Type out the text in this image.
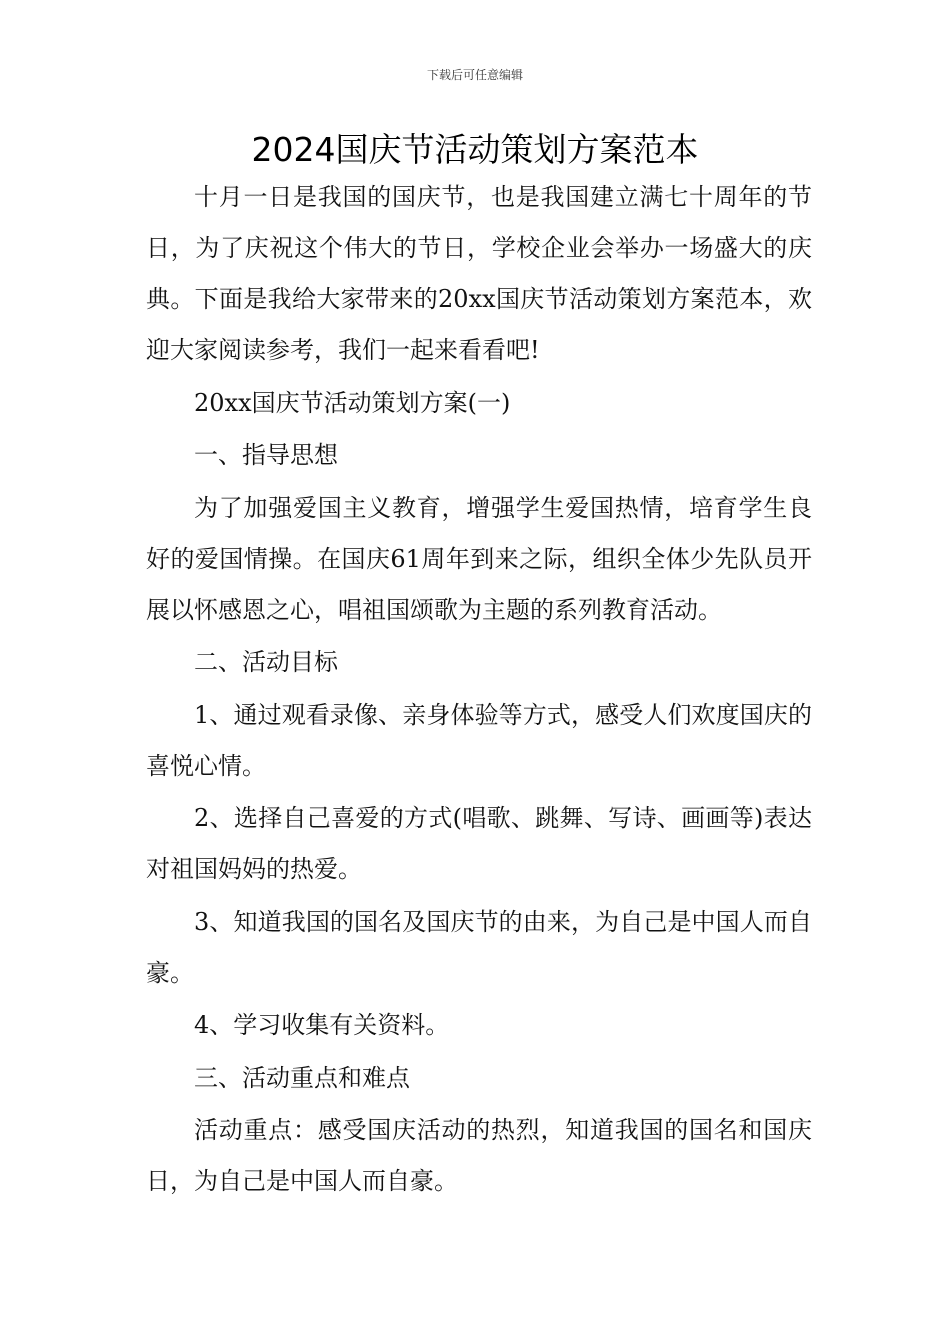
下载后可任意编辑
2024国庆节活动策划方案范本

十月一日是我国的国庆节，也是我国建立满七十周年的节日，为了庆祝这个伟大的节日，学校企业会举办一场盛大的庆典。下面是我给大家带来的20xx国庆节活动策划方案范本，欢迎大家阅读参考，我们一起来看看吧!

20xx国庆节活动策划方案(一)

一、指导思想

为了加强爱国主义教育，增强学生爱国热情，培育学生良好的爱国情操。在国庆61周年到来之际，组织全体少先队员开展以怀感恩之心，唱祖国颂歌为主题的系列教育活动。

二、活动目标

1、通过观看录像、亲身体验等方式，感受人们欢度国庆的喜悦心情。

2、选择自己喜爱的方式(唱歌、跳舞、写诗、画画等)表达对祖国妈妈的热爱。

3、知道我国的国名及国庆节的由来，为自己是中国人而自豪。

4、学习收集有关资料。

三、活动重点和难点

活动重点：感受国庆活动的热烈，知道我国的国名和国庆日，为自己是中国人而自豪。
